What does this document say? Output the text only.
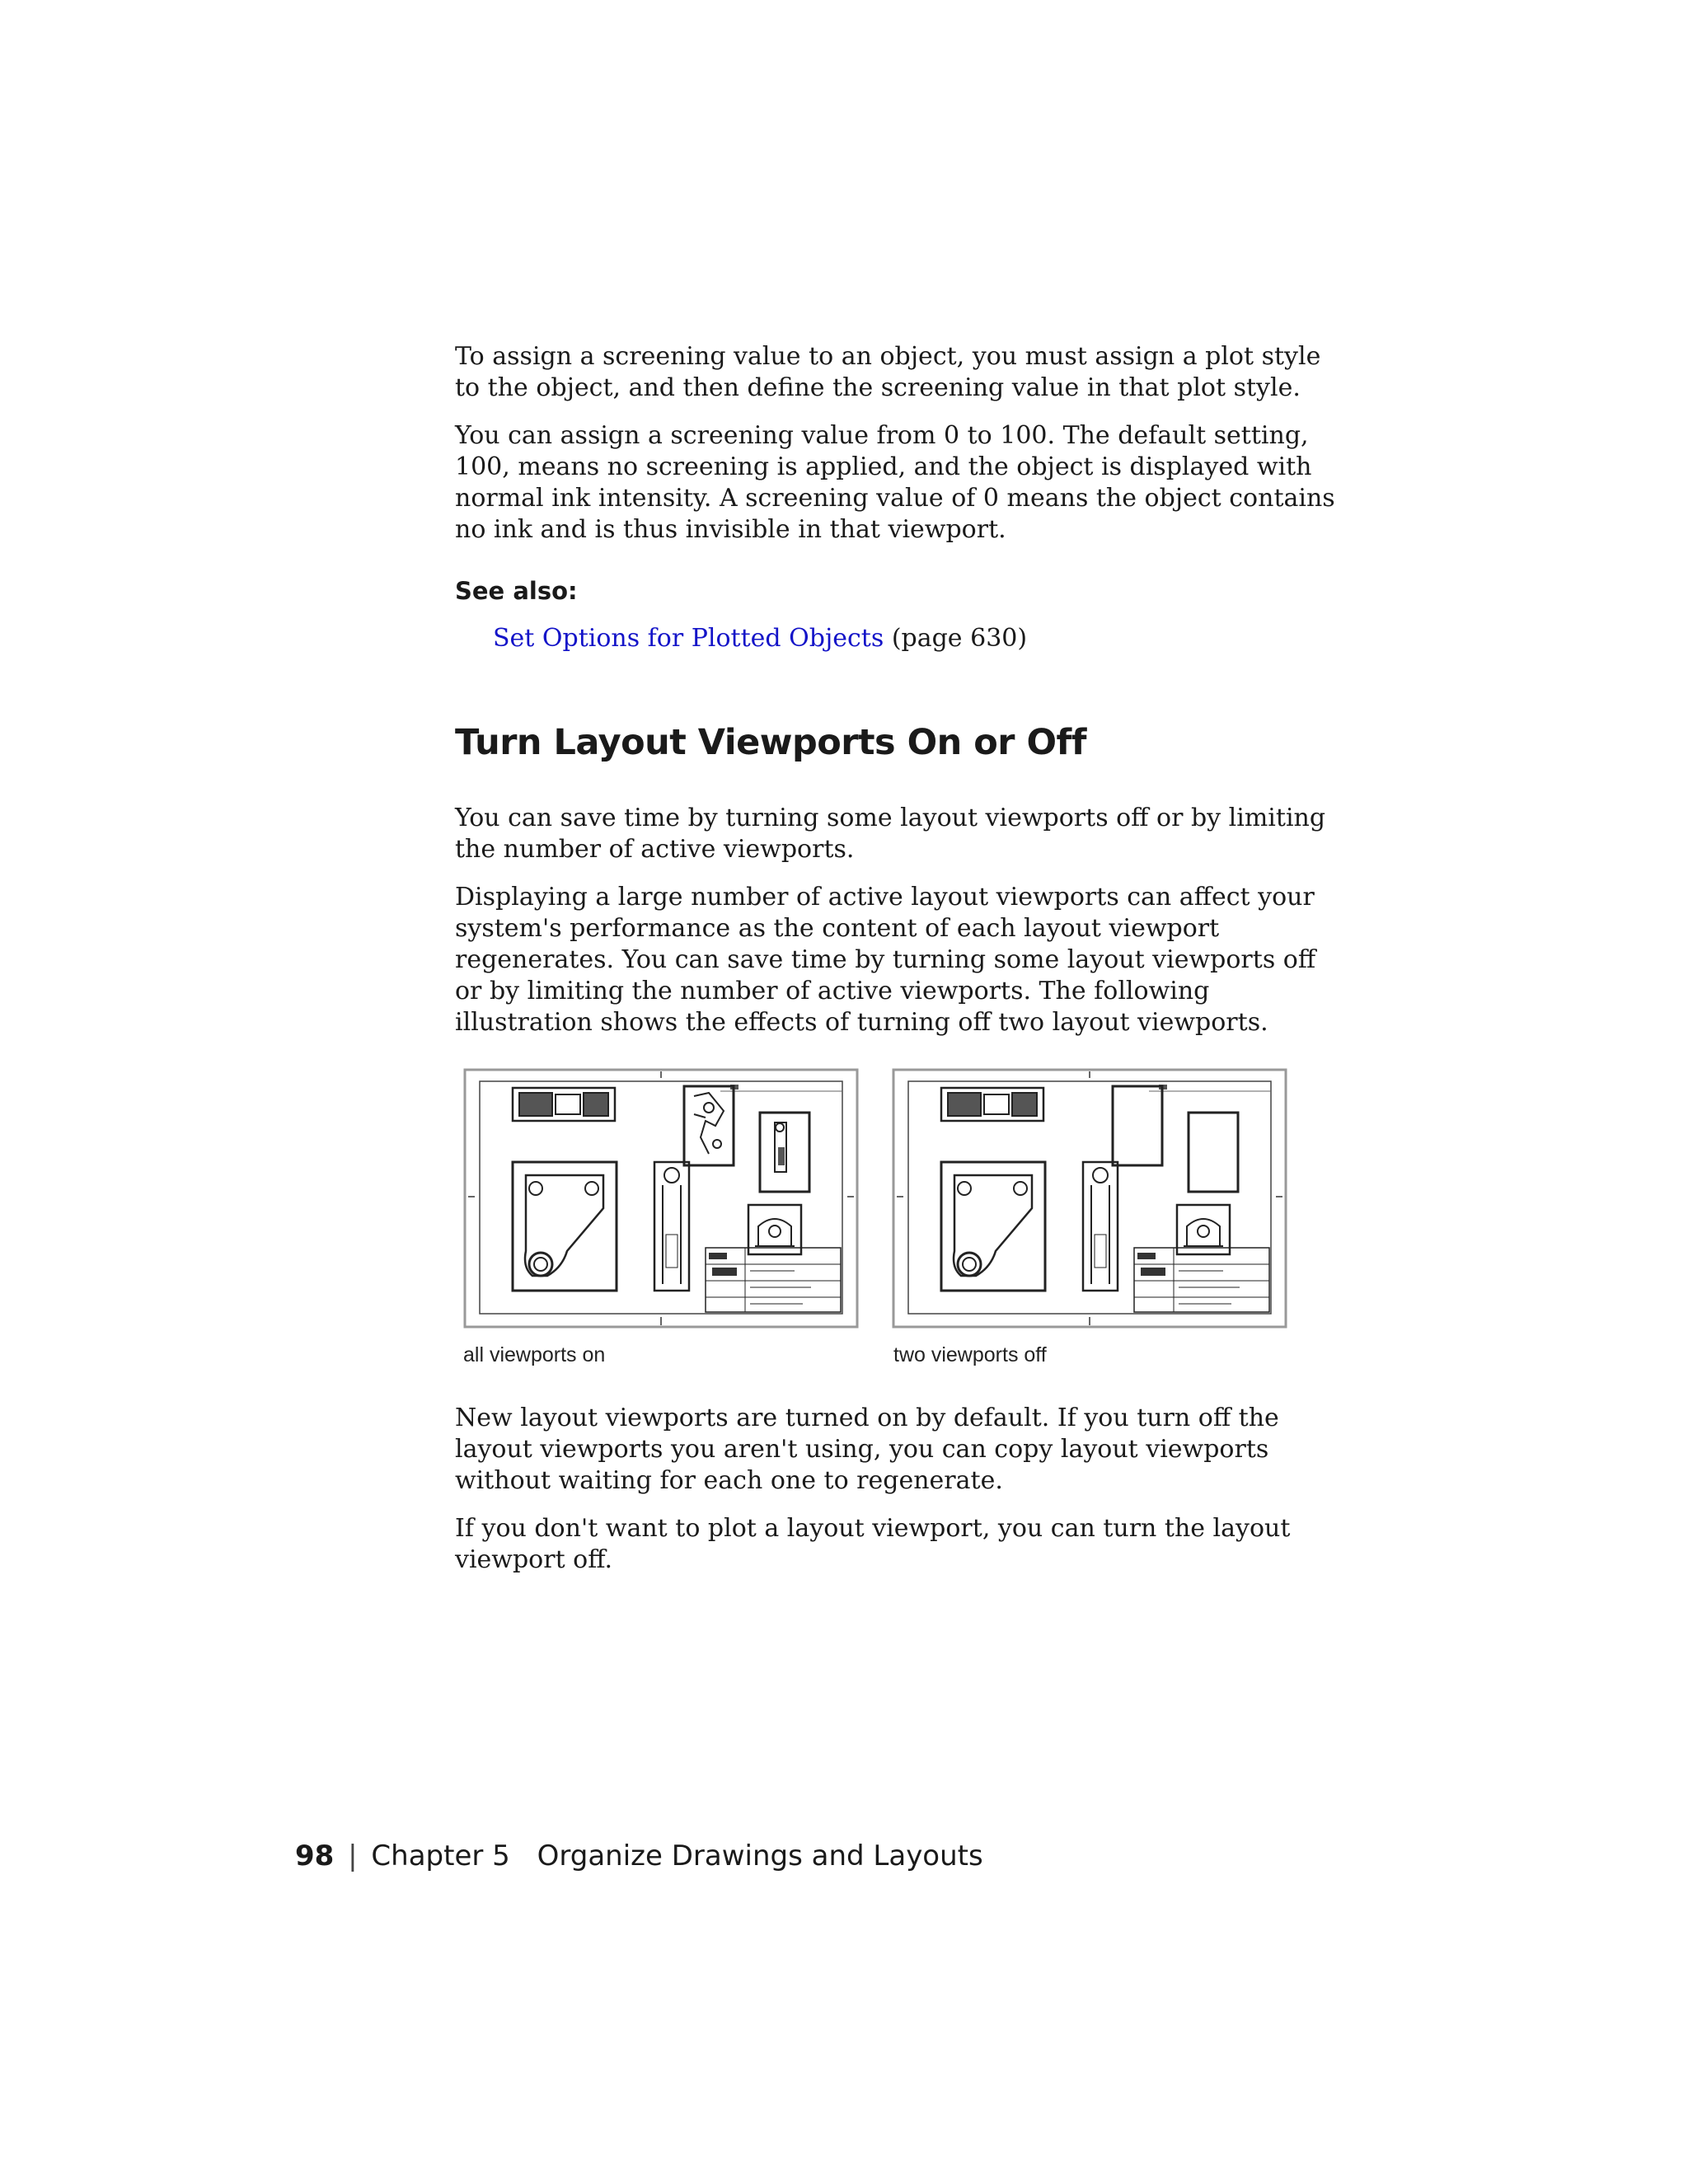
To assign a screening value to an object, you must assign a plot style to the object, and then define the screening value in that plot style.

You can assign a screening value from 0 to 100. The default setting, 100, means no screening is applied, and the object is displayed with normal ink intensity. A screening value of 0 means the object contains no ink and is thus invisible in that viewport.

See also:

Set Options for Plotted Objects (page 630)

Turn Layout Viewports On or Off

You can save time by turning some layout viewports off or by limiting the number of active viewports.

Displaying a large number of active layout viewports can affect your system's performance as the content of each layout viewport regenerates. You can save time by turning some layout viewports off or by limiting the number of active viewports. The following illustration shows the effects of turning off two layout viewports.

all viewports on	two viewports off

New layout viewports are turned on by default. If you turn off the layout viewports you aren't using, you can copy layout viewports without waiting for each one to regenerate.

If you don't want to plot a layout viewport, you can turn the layout viewport off.

98 | Chapter 5 Organize Drawings and Layouts
